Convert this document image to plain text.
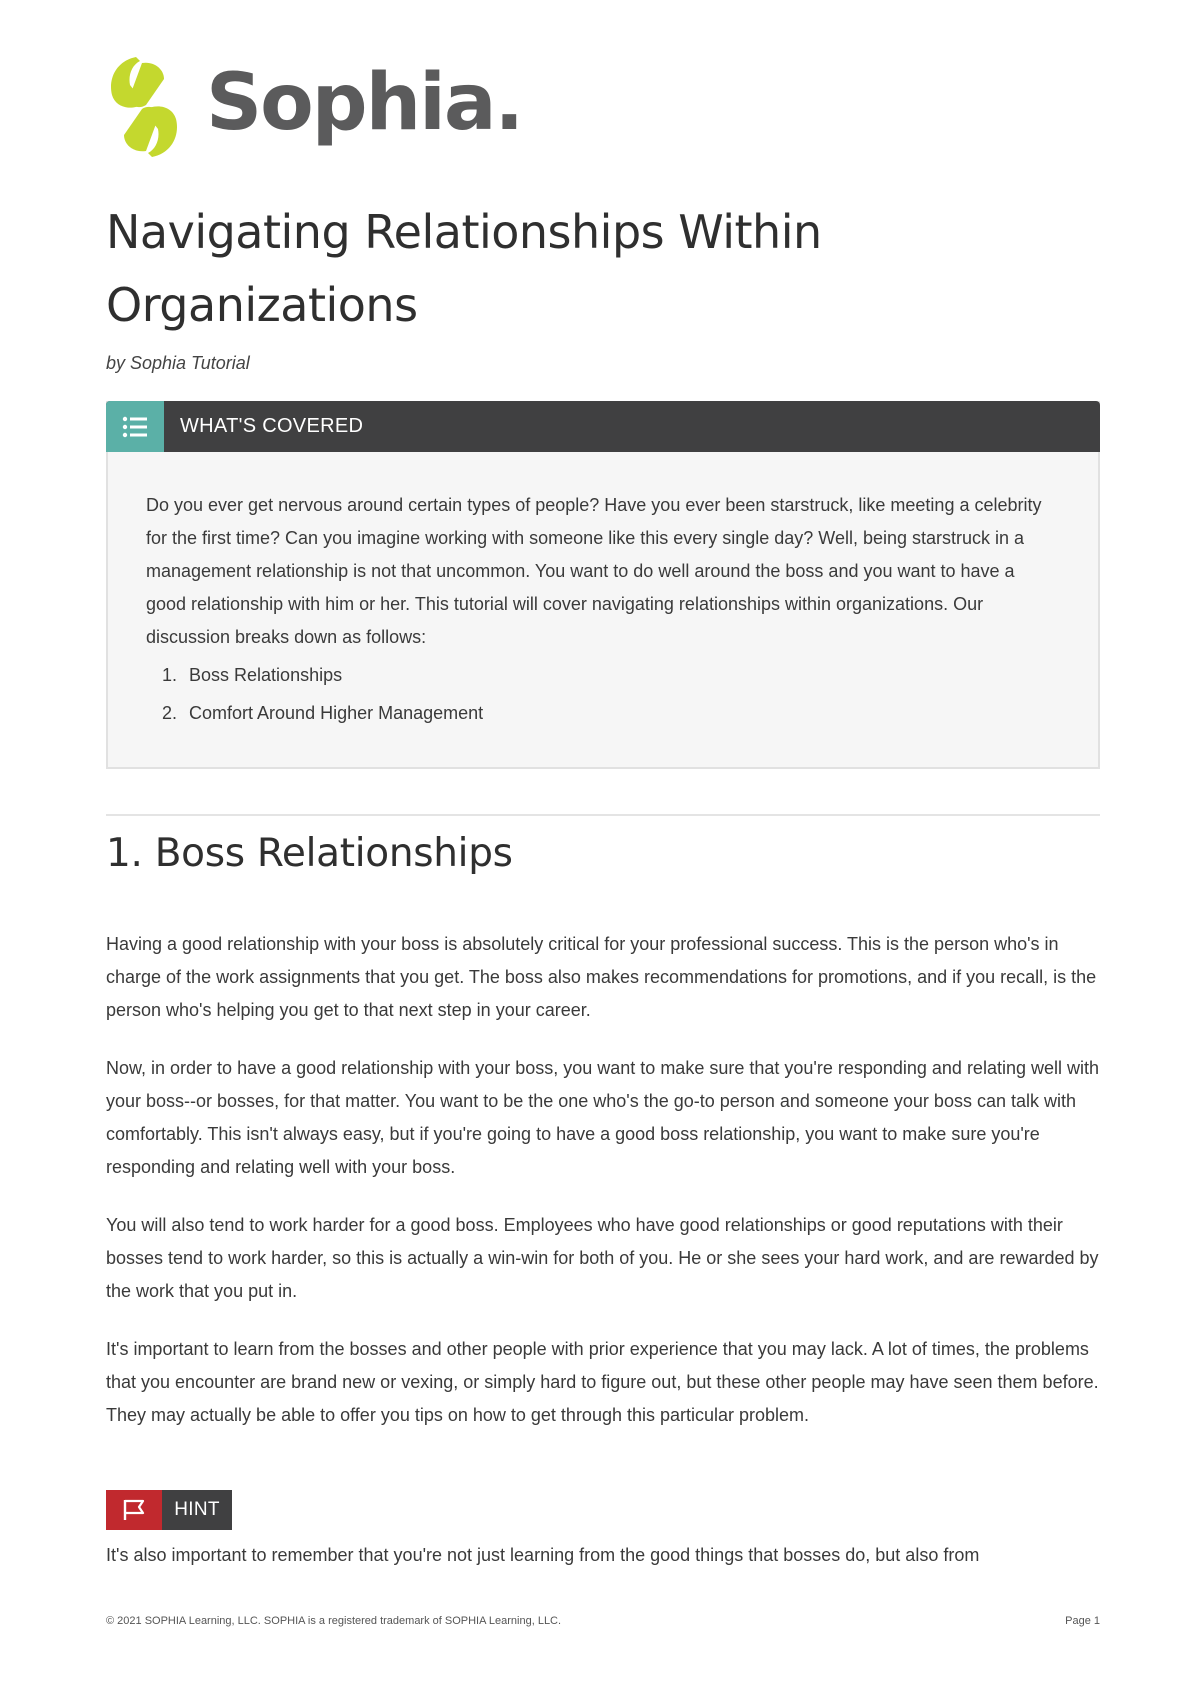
Sophia.
Navigating Relationships Within Organizations
by Sophia Tutorial
WHAT'S COVERED

Do you ever get nervous around certain types of people? Have you ever been starstruck, like meeting a celebrity for the first time? Can you imagine working with someone like this every single day? Well, being starstruck in a management relationship is not that uncommon. You want to do well around the boss and you want to have a good relationship with him or her. This tutorial will cover navigating relationships within organizations. Our discussion breaks down as follows:

1. Boss Relationships
2. Comfort Around Higher Management
1. Boss Relationships

Having a good relationship with your boss is absolutely critical for your professional success. This is the person who's in charge of the work assignments that you get. The boss also makes recommendations for promotions, and if you recall, is the person who's helping you get to that next step in your career.

Now, in order to have a good relationship with your boss, you want to make sure that you're responding and relating well with your boss--or bosses, for that matter. You want to be the one who's the go-to person and someone your boss can talk with comfortably. This isn't always easy, but if you're going to have a good boss relationship, you want to make sure you're responding and relating well with your boss.

You will also tend to work harder for a good boss. Employees who have good relationships or good reputations with their bosses tend to work harder, so this is actually a win-win for both of you. He or she sees your hard work, and are rewarded by the work that you put in.

It's important to learn from the bosses and other people with prior experience that you may lack. A lot of times, the problems that you encounter are brand new or vexing, or simply hard to figure out, but these other people may have seen them before. They may actually be able to offer you tips on how to get through this particular problem.

HINT

It's also important to remember that you're not just learning from the good things that bosses do, but also from

© 2021 SOPHIA Learning, LLC. SOPHIA is a registered trademark of SOPHIA Learning, LLC.	Page 1
